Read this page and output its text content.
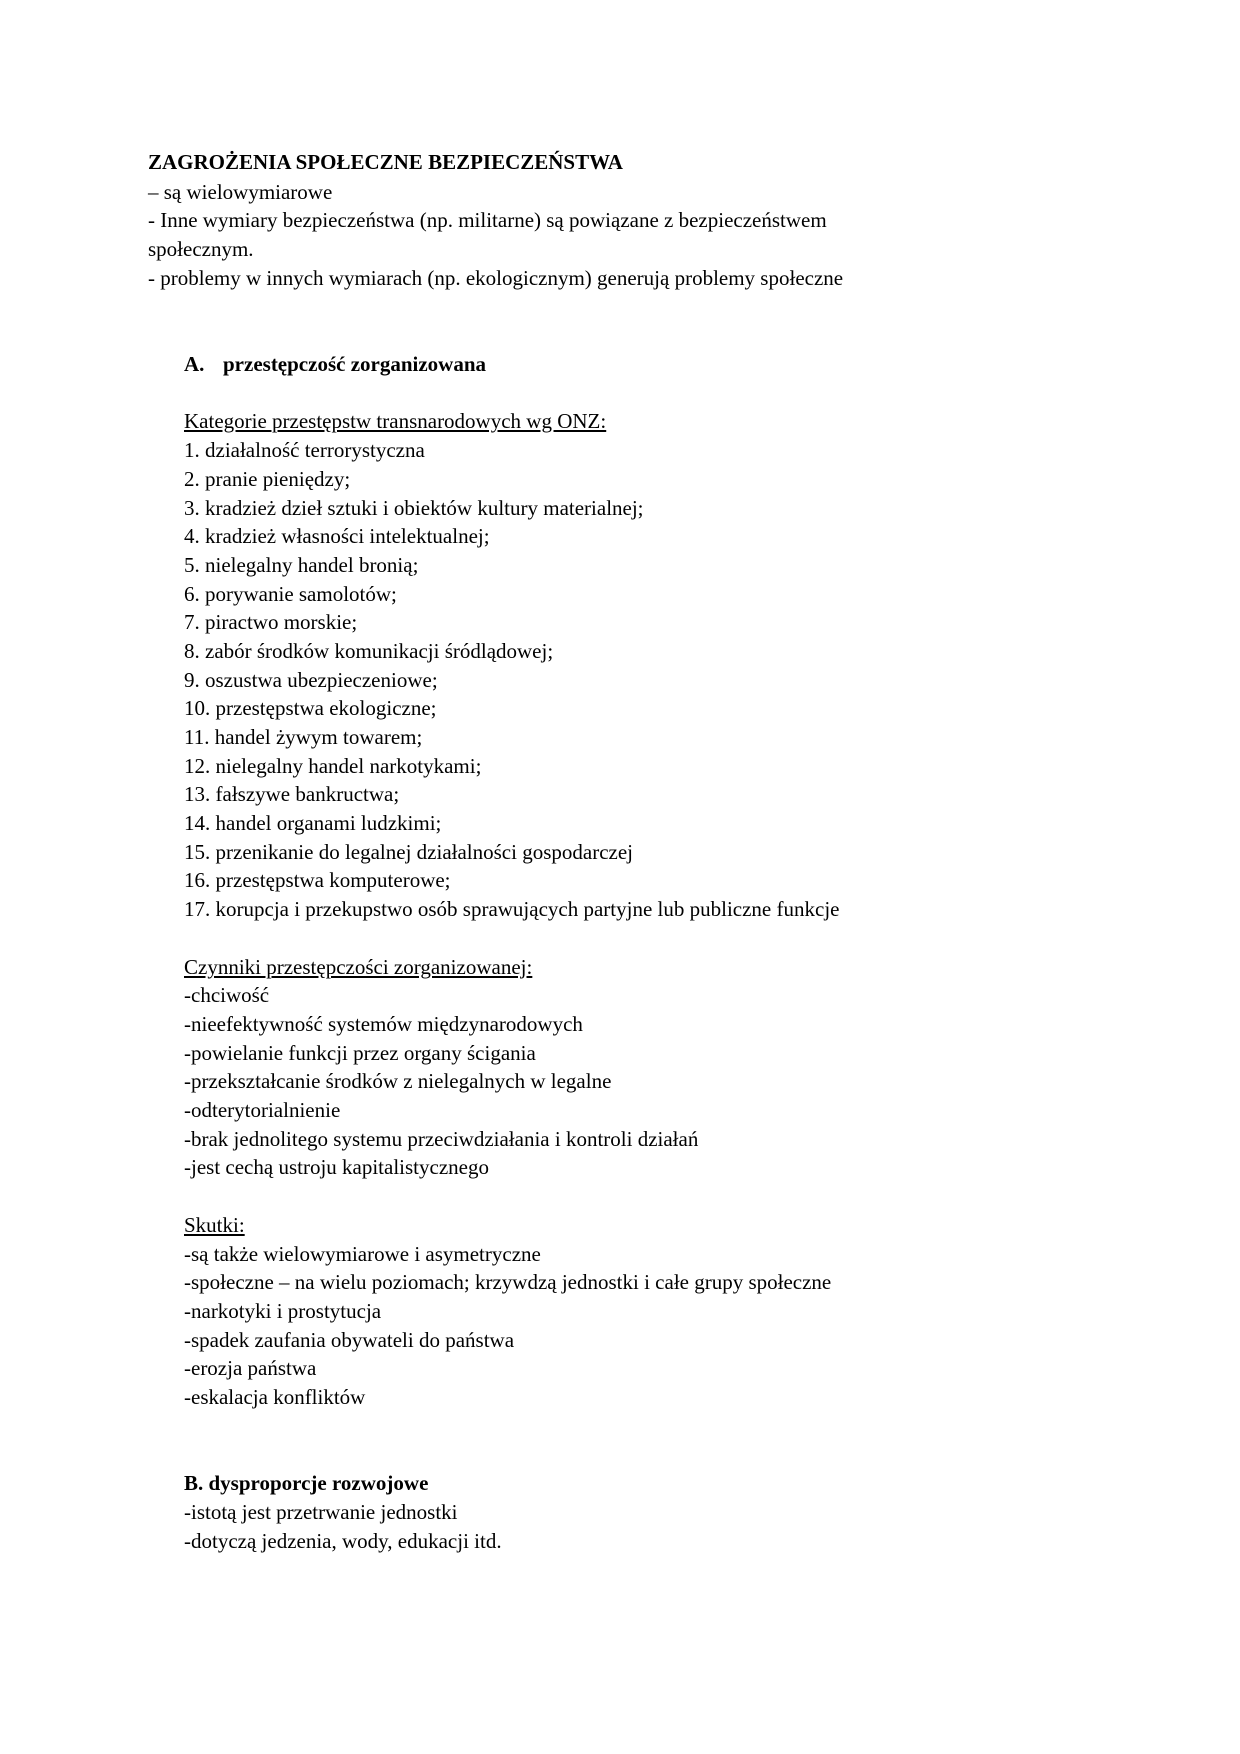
ZAGROŻENIA SPOŁECZNE BEZPIECZEŃSTWA
– są wielowymiarowe
- Inne wymiary bezpieczeństwa (np. militarne) są powiązane z bezpieczeństwem
społecznym.
- problemy w innych wymiarach (np. ekologicznym) generują problemy społeczne
A. przestępczość zorganizowana
Kategorie przestępstw transnarodowych wg ONZ:
1. działalność terrorystyczna
2. pranie pieniędzy;
3. kradzież dzieł sztuki i obiektów kultury materialnej;
4. kradzież własności intelektualnej;
5. nielegalny handel bronią;
6. porywanie samolotów;
7. piractwo morskie;
8. zabór środków komunikacji śródlądowej;
9. oszustwa ubezpieczeniowe;
10. przestępstwa ekologiczne;
11. handel żywym towarem;
12. nielegalny handel narkotykami;
13. fałszywe bankructwa;
14. handel organami ludzkimi;
15. przenikanie do legalnej działalności gospodarczej
16. przestępstwa komputerowe;
17. korupcja i przekupstwo osób sprawujących partyjne lub publiczne funkcje
Czynniki przestępczości zorganizowanej:
-chciwość
-nieefektywność systemów międzynarodowych
-powielanie funkcji przez organy ścigania
-przekształcanie środków z nielegalnych w legalne
-odterytorialnienie
-brak jednolitego systemu przeciwdziałania i kontroli działań
-jest cechą ustroju kapitalistycznego
Skutki:
-są także wielowymiarowe i asymetryczne
-społeczne – na wielu poziomach; krzywdzą jednostki i całe grupy społeczne
-narkotyki i prostytucja
-spadek zaufania obywateli do państwa
-erozja państwa
-eskalacja konfliktów
B. dysproporcje rozwojowe
-istotą jest przetrwanie jednostki
-dotyczą jedzenia, wody, edukacji itd.
